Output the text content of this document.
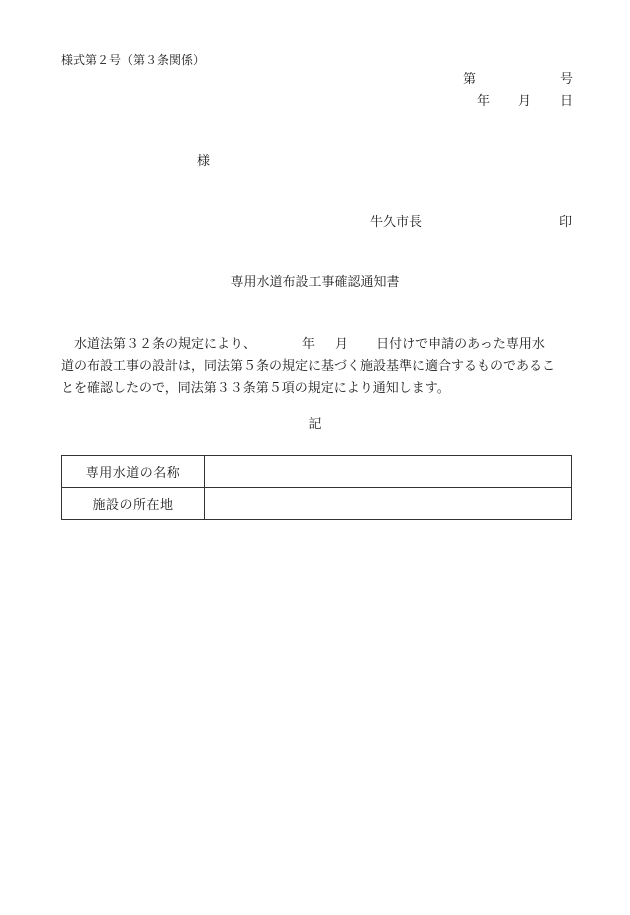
様式第２号（第３条関係）
第	号
年 月 日
様
牛久市長	印
専用水道布設工事確認通知書
　水道法第３２条の規定により、	年 月 日付けで申請のあった専用水
道の布設工事の設計は，同法第５条の規定に基づく施設基準に適合するものであるこ
とを確認したので，同法第３３条第５項の規定により通知します。
記
専用水道の名称	
施設の所在地	
